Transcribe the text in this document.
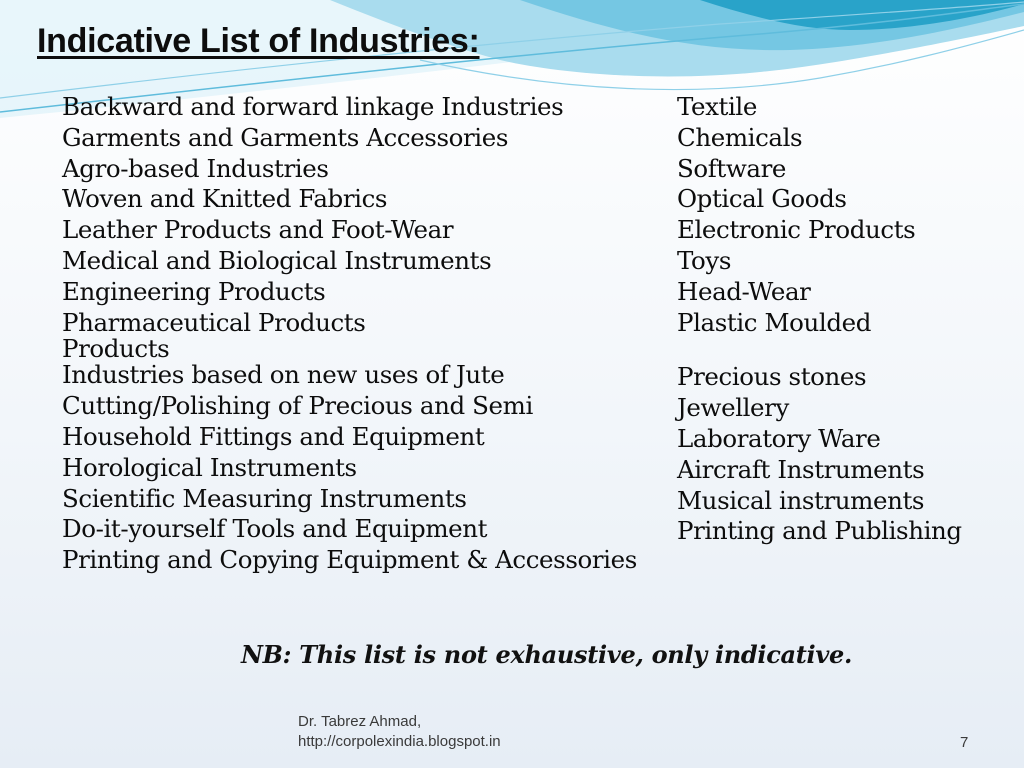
Indicative List of Industries:
Backward and forward linkage Industries
Garments and Garments Accessories
Agro-based Industries
Woven and Knitted Fabrics
Leather Products and Foot-Wear
Medical and Biological Instruments
Engineering Products
Pharmaceutical Products
Products
Industries based on new uses of Jute
Cutting/Polishing of Precious and Semi
Household Fittings and Equipment
Horological Instruments
Scientific Measuring Instruments
Do-it-yourself Tools and Equipment
Printing and Copying Equipment & Accessories
Textile
Chemicals
Software
Optical Goods
Electronic Products
Toys
Head-Wear
Plastic Moulded
Precious stones
Jewellery
Laboratory Ware
Aircraft Instruments
Musical instruments
Printing and Publishing

NB: This list is not exhaustive, only indicative.

Dr. Tabrez Ahmad,
http://corpolexindia.blogspot.in	7
